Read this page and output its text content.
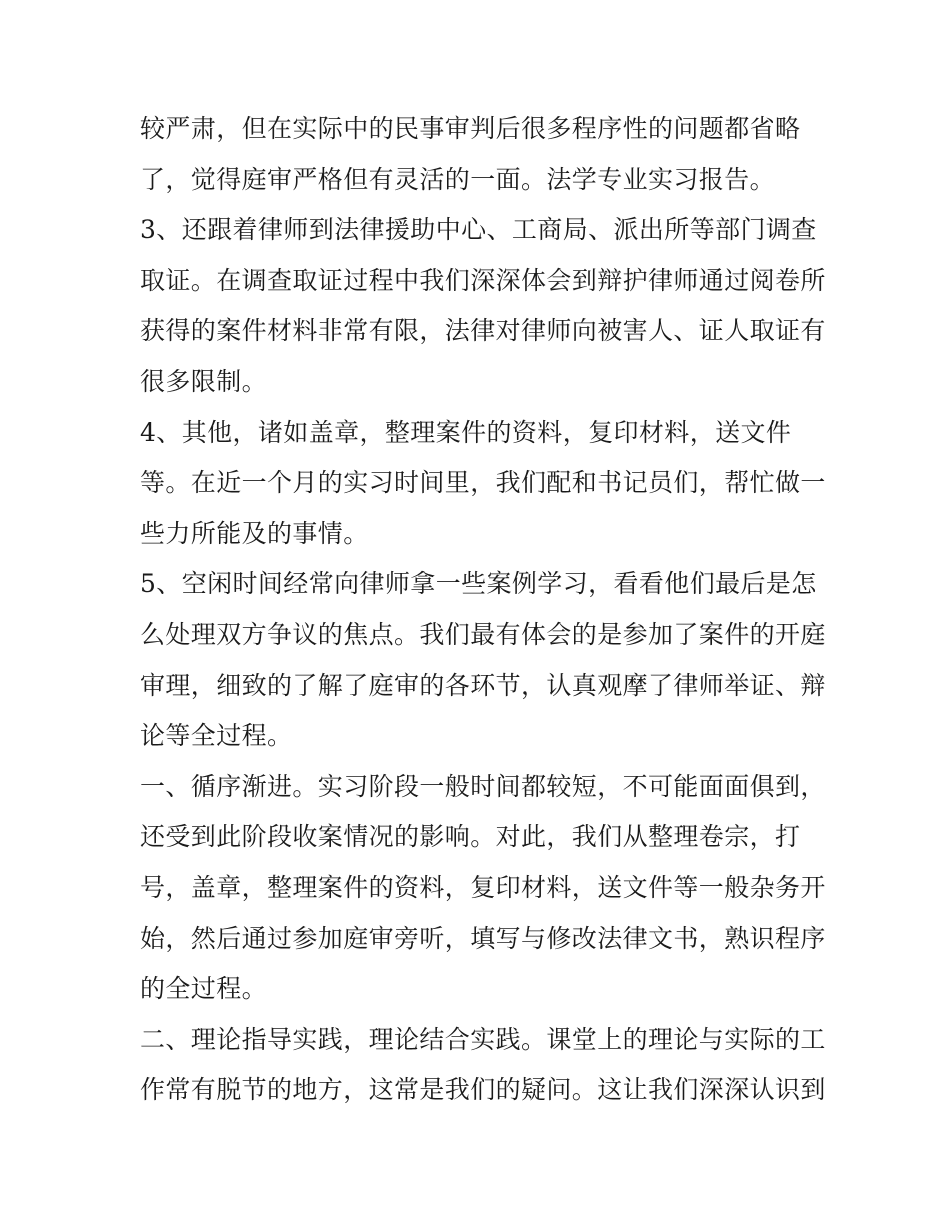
较严肃，但在实际中的民事审判后很多程序性的问题都省略
了，觉得庭审严格但有灵活的一面。法学专业实习报告。
3、还跟着律师到法律援助中心、工商局、派出所等部门调查
取证。在调查取证过程中我们深深体会到辩护律师通过阅卷所
获得的案件材料非常有限，法律对律师向被害人、证人取证有
很多限制。
4、其他，诸如盖章，整理案件的资料，复印材料，送文件
等。在近一个月的实习时间里，我们配和书记员们，帮忙做一
些力所能及的事情。
5、空闲时间经常向律师拿一些案例学习，看看他们最后是怎
么处理双方争议的焦点。我们最有体会的是参加了案件的开庭
审理，细致的了解了庭审的各环节，认真观摩了律师举证、辩
论等全过程。
一、循序渐进。实习阶段一般时间都较短，不可能面面俱到，
还受到此阶段收案情况的影响。对此，我们从整理卷宗，打
号，盖章，整理案件的资料，复印材料，送文件等一般杂务开
始，然后通过参加庭审旁听，填写与修改法律文书，熟识程序
的全过程。
二、理论指导实践，理论结合实践。课堂上的理论与实际的工
作常有脱节的地方，这常是我们的疑问。这让我们深深认识到
